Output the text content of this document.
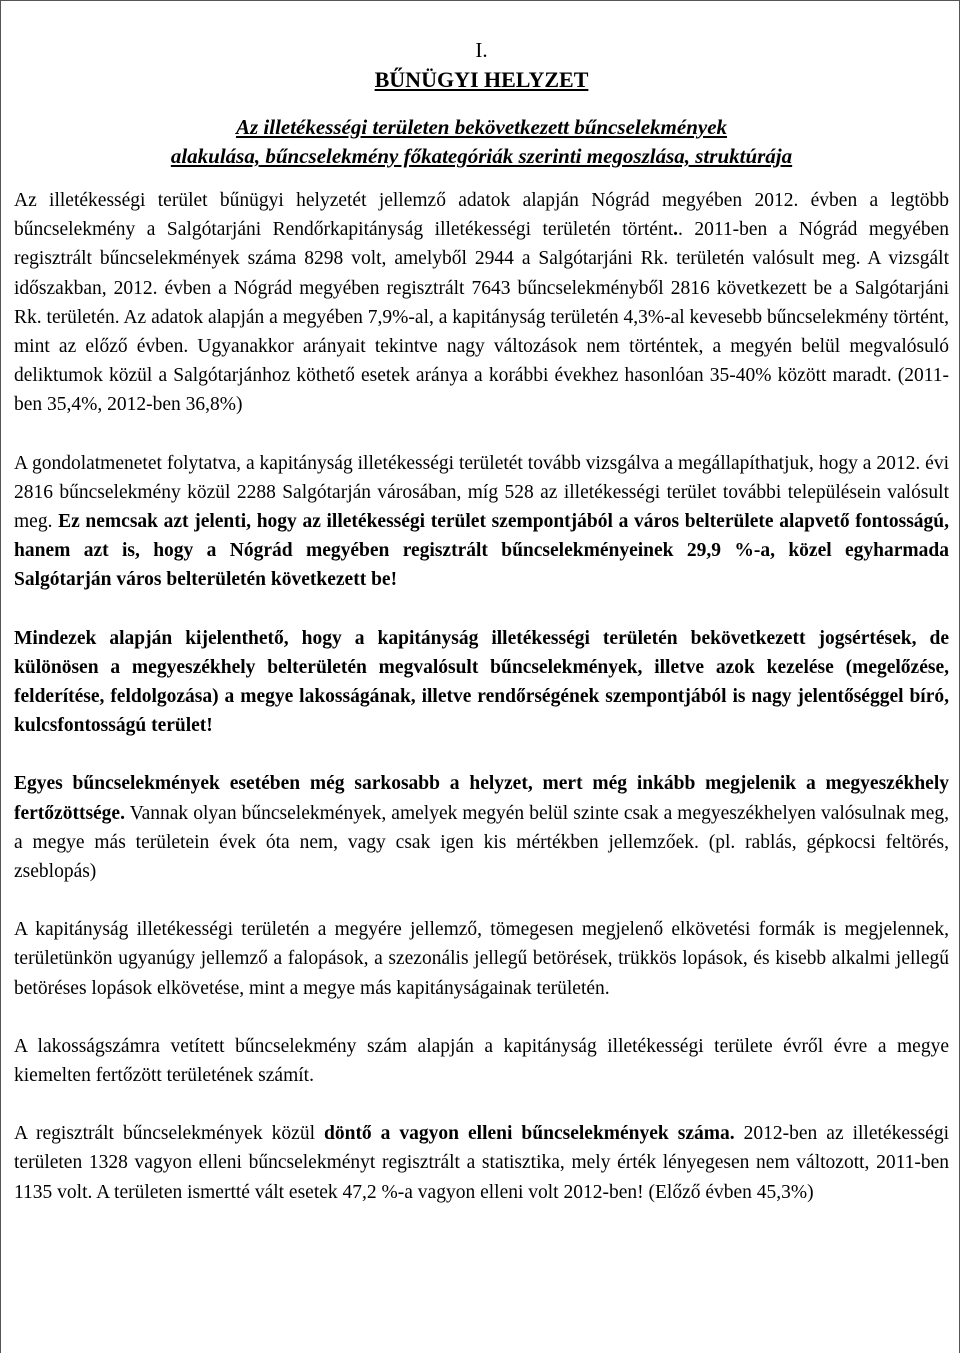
I.
BŰNÜGYI HELYZET
Az illetékességi területen bekövetkezett bűncselekmények
alakulása, bűncselekmény főkategóriák szerinti megoszlása, struktúrája

Az illetékességi terület bűnügyi helyzetét jellemző adatok alapján Nógrád megyében 2012. évben a legtöbb bűncselekmény a Salgótarjáni Rendőrkapitányság illetékességi területén történt.. 2011-ben a Nógrád megyében regisztrált bűncselekmények száma 8298 volt, amelyből 2944 a Salgótarjáni Rk. területén valósult meg. A vizsgált időszakban, 2012. évben a Nógrád megyében regisztrált 7643 bűncselekményből 2816 következett be a Salgótarjáni Rk. területén. Az adatok alapján a megyében 7,9%-al, a kapitányság területén 4,3%-al kevesebb bűncselekmény történt, mint az előző évben. Ugyanakkor arányait tekintve nagy változások nem történtek, a megyén belül megvalósuló deliktumok közül a Salgótarjánhoz köthető esetek aránya a korábbi évekhez hasonlóan 35-40% között maradt. (2011-ben 35,4%, 2012-ben 36,8%)

A gondolatmenetet folytatva, a kapitányság illetékességi területét tovább vizsgálva a megállapíthatjuk, hogy a 2012. évi 2816 bűncselekmény közül 2288 Salgótarján városában, míg 528 az illetékességi terület további településein valósult meg. Ez nemcsak azt jelenti, hogy az illetékességi terület szempontjából a város belterülete alapvető fontosságú, hanem azt is, hogy a Nógrád megyében regisztrált bűncselekményeinek 29,9 %-a, közel egyharmada Salgótarján város belterületén következett be!

Mindezek alapján kijelenthető, hogy a kapitányság illetékességi területén bekövetkezett jogsértések, de különösen a megyeszékhely belterületén megvalósult bűncselekmények, illetve azok kezelése (megelőzése, felderítése, feldolgozása) a megye lakosságának, illetve rendőrségének szempontjából is nagy jelentőséggel bíró, kulcsfontosságú terület!

Egyes bűncselekmények esetében még sarkosabb a helyzet, mert még inkább megjelenik a megyeszékhely fertőzöttsége. Vannak olyan bűncselekmények, amelyek megyén belül szinte csak a megyeszékhelyen valósulnak meg, a megye más területein évek óta nem, vagy csak igen kis mértékben jellemzőek. (pl. rablás, gépkocsi feltörés, zseblopás)

A kapitányság illetékességi területén a megyére jellemző, tömegesen megjelenő elkövetési formák is megjelennek, területünkön ugyanúgy jellemző a falopások, a szezonális jellegű betörések, trükkös lopások, és kisebb alkalmi jellegű betöréses lopások elkövetése, mint a megye más kapitányságainak területén.

A lakosságszámra vetített bűncselekmény szám alapján a kapitányság illetékességi területe évről évre a megye kiemelten fertőzött területének számít.

A regisztrált bűncselekmények közül döntő a vagyon elleni bűncselekmények száma. 2012-ben az illetékességi területen 1328 vagyon elleni bűncselekményt regisztrált a statisztika, mely érték lényegesen nem változott, 2011-ben 1135 volt. A területen ismertté vált esetek 47,2 %-a vagyon elleni volt 2012-ben! (Előző évben 45,3%)
